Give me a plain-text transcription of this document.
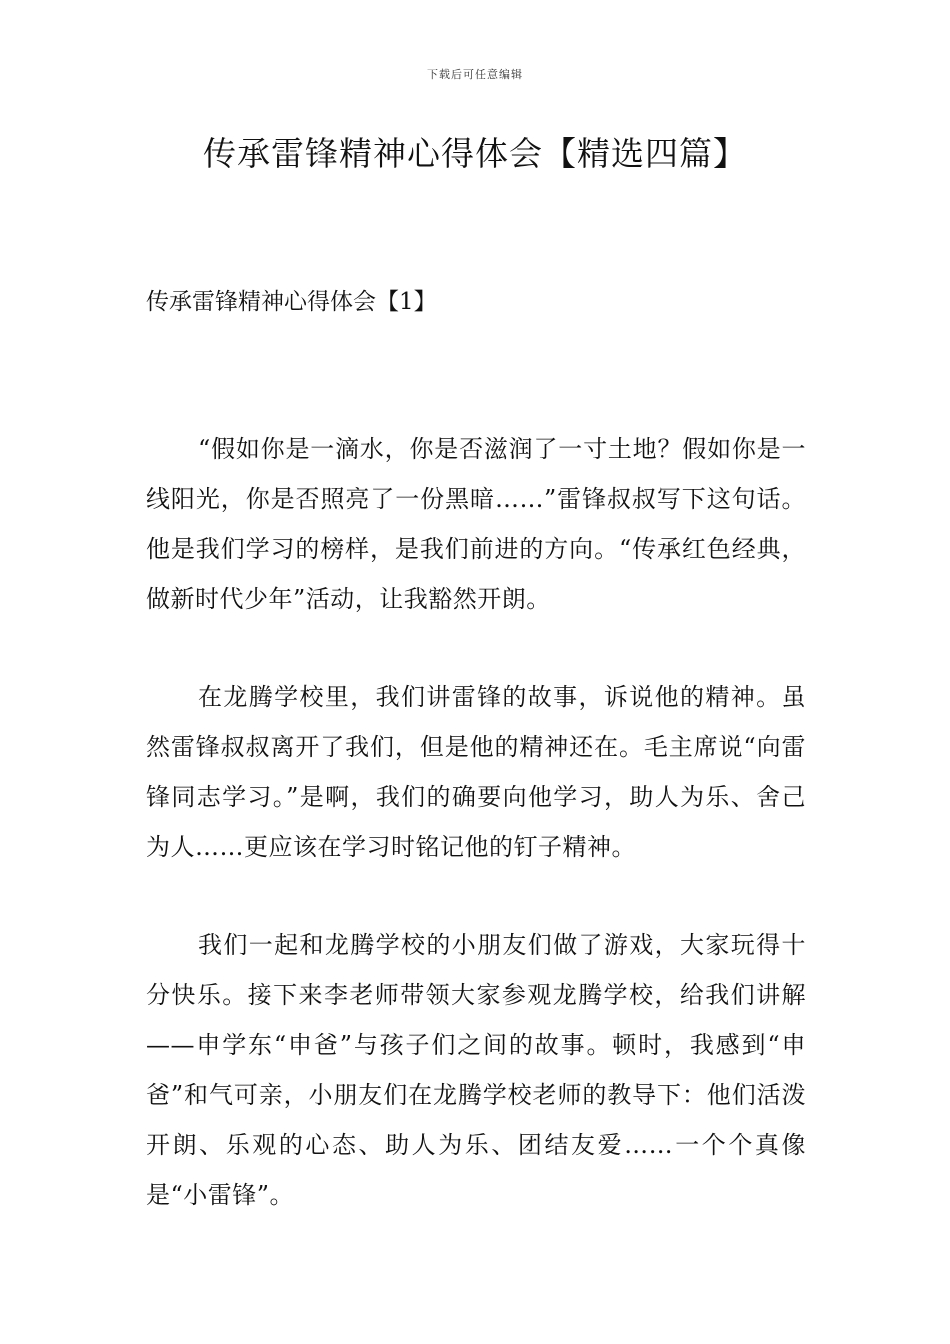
下载后可任意编辑
传承雷锋精神心得体会【精选四篇】
传承雷锋精神心得体会【1】

“假如你是一滴水，你是否滋润了一寸土地？假如你是一线阳光，你是否照亮了一份黑暗……”雷锋叔叔写下这句话。他是我们学习的榜样，是我们前进的方向。“传承红色经典，做新时代少年”活动，让我豁然开朗。

在龙腾学校里，我们讲雷锋的故事，诉说他的精神。虽然雷锋叔叔离开了我们，但是他的精神还在。毛主席说“向雷锋同志学习。”是啊，我们的确要向他学习，助人为乐、舍己为人……更应该在学习时铭记他的钉子精神。

我们一起和龙腾学校的小朋友们做了游戏，大家玩得十分快乐。接下来李老师带领大家参观龙腾学校，给我们讲解——申学东“申爸”与孩子们之间的故事。顿时，我感到“申爸”和气可亲，小朋友们在龙腾学校老师的教导下：他们活泼开朗、乐观的心态、助人为乐、团结友爱……一个个真像是“小雷锋”。
